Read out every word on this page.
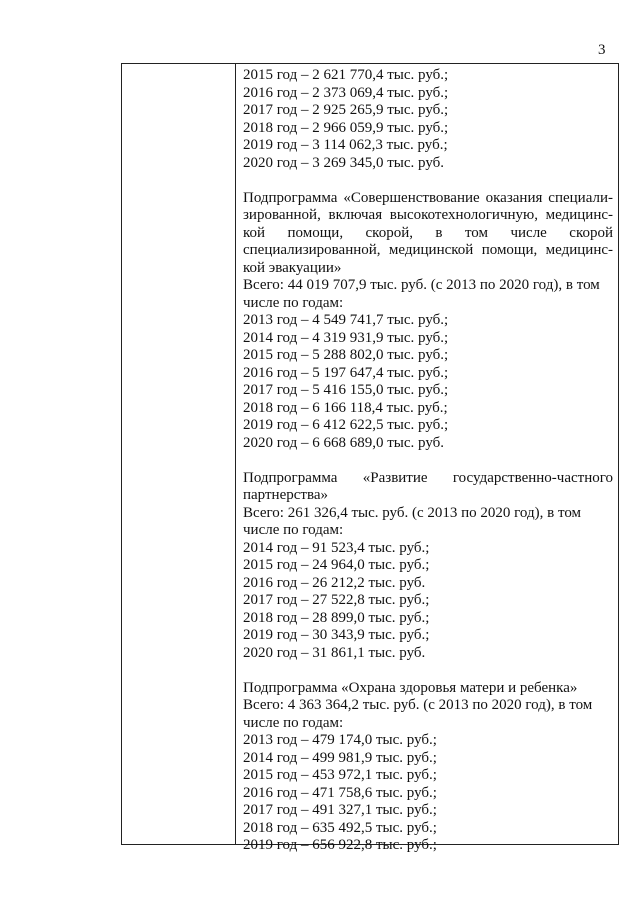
3
2015 год – 2 621 770,4 тыс. руб.;
2016 год – 2 373 069,4 тыс. руб.;
2017 год – 2 925 265,9 тыс. руб.;
2018 год – 2 966 059,9 тыс. руб.;
2019 год – 3 114 062,3 тыс. руб.;
2020 год – 3 269 345,0 тыс. руб.
Подпрограмма «Совершенствование оказания специали-
зированной, включая высокотехнологичную, медицинс-
кой помощи, скорой, в том числе скорой
специализированной, медицинской помощи, медицинс-
кой эвакуации»
Всего: 44 019 707,9 тыс. руб. (с 2013 по 2020 год), в том
числе по годам:
2013 год – 4 549 741,7 тыс. руб.;
2014 год – 4 319 931,9 тыс. руб.;
2015 год – 5 288 802,0 тыс. руб.;
2016 год – 5 197 647,4 тыс. руб.;
2017 год – 5 416 155,0 тыс. руб.;
2018 год – 6 166 118,4 тыс. руб.;
2019 год – 6 412 622,5 тыс. руб.;
2020 год – 6 668 689,0 тыс. руб.
Подпрограмма «Развитие государственно-частного
партнерства»
Всего: 261 326,4 тыс. руб. (с 2013 по 2020 год), в том
числе по годам:
2014 год – 91 523,4 тыс. руб.;
2015 год – 24 964,0 тыс. руб.;
2016 год – 26 212,2 тыс. руб.
2017 год – 27 522,8 тыс. руб.;
2018 год – 28 899,0 тыс. руб.;
2019 год – 30 343,9 тыс. руб.;
2020 год – 31 861,1 тыс. руб.
Подпрограмма «Охрана здоровья матери и ребенка»
Всего: 4 363 364,2 тыс. руб. (с 2013 по 2020 год), в том
числе по годам:
2013 год – 479 174,0 тыс. руб.;
2014 год – 499 981,9 тыс. руб.;
2015 год – 453 972,1 тыс. руб.;
2016 год – 471 758,6 тыс. руб.;
2017 год – 491 327,1 тыс. руб.;
2018 год – 635 492,5 тыс. руб.;
2019 год – 656 922,8 тыс. руб.;
